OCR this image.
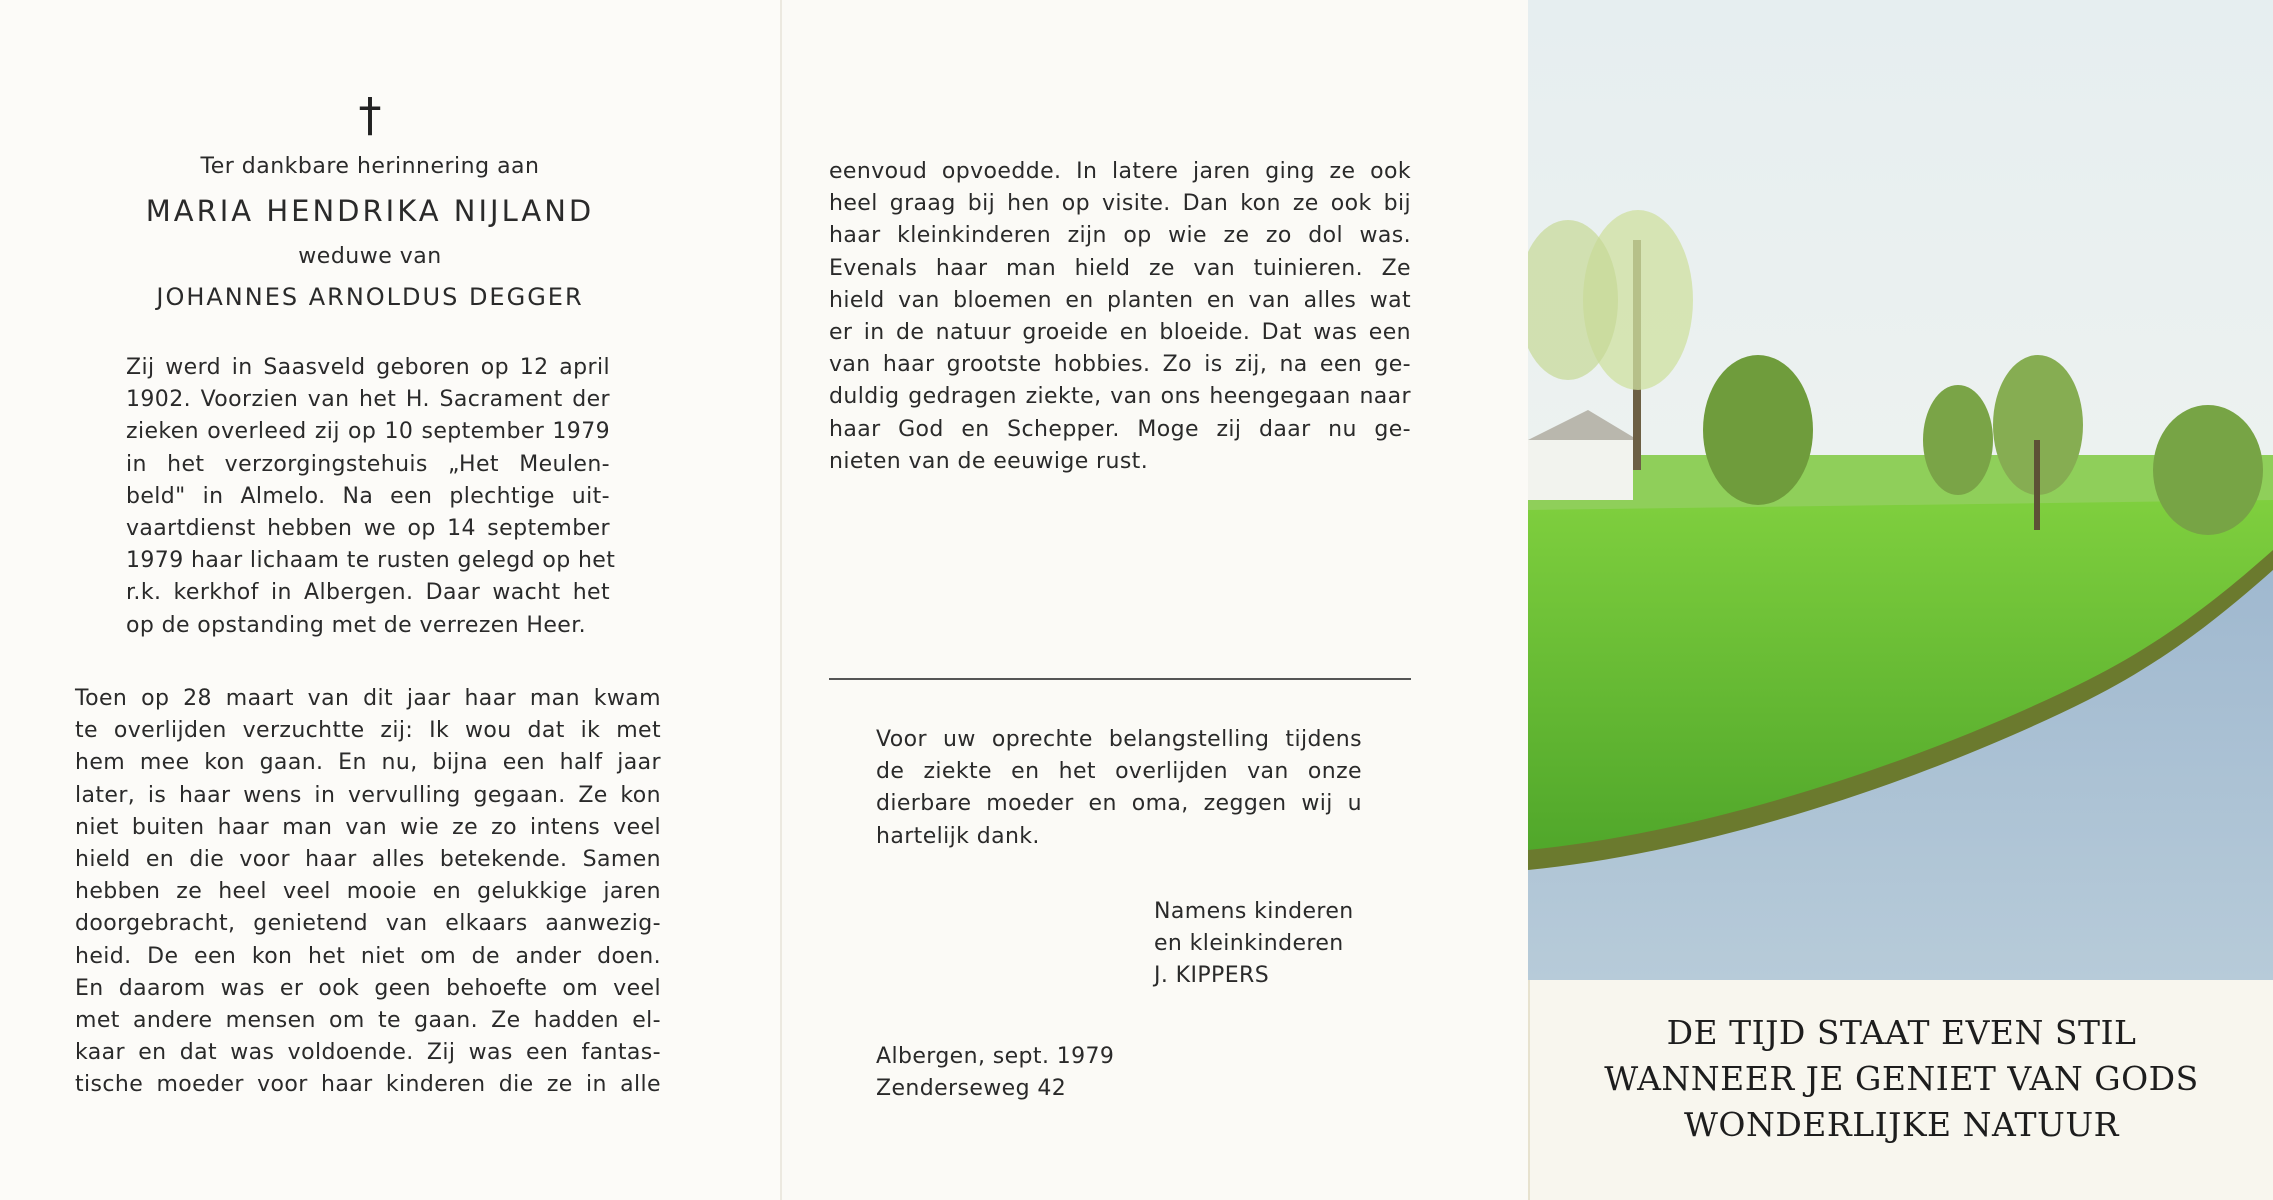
†
Ter dankbare herinnering aan
MARIA HENDRIKA NIJLAND
weduwe van
JOHANNES ARNOLDUS DEGGER
Zij werd in Saasveld geboren op 12 april
1902. Voorzien van het H. Sacrament der
zieken overleed zij op 10 september 1979
in het verzorgingstehuis „Het Meulen-
beld" in Almelo. Na een plechtige uit-
vaartdienst hebben we op 14 september
1979 haar lichaam te rusten gelegd op het
r.k. kerkhof in Albergen. Daar wacht het
op de opstanding met de verrezen Heer.
Toen op 28 maart van dit jaar haar man kwam
te overlijden verzuchtte zij: Ik wou dat ik met
hem mee kon gaan. En nu, bijna een half jaar
later, is haar wens in vervulling gegaan. Ze kon
niet buiten haar man van wie ze zo intens veel
hield en die voor haar alles betekende. Samen
hebben ze heel veel mooie en gelukkige jaren
doorgebracht, genietend van elkaars aanwezig-
heid. De een kon het niet om de ander doen.
En daarom was er ook geen behoefte om veel
met andere mensen om te gaan. Ze hadden el-
kaar en dat was voldoende. Zij was een fantas-
tische moeder voor haar kinderen die ze in alle
eenvoud opvoedde. In latere jaren ging ze ook
heel graag bij hen op visite. Dan kon ze ook bij
haar kleinkinderen zijn op wie ze zo dol was.
Evenals haar man hield ze van tuinieren. Ze
hield van bloemen en planten en van alles wat
er in de natuur groeide en bloeide. Dat was een
van haar grootste hobbies. Zo is zij, na een ge-
duldig gedragen ziekte, van ons heengegaan naar
haar God en Schepper. Moge zij daar nu ge-
nieten van de eeuwige rust.
Voor uw oprechte belangstelling tijdens
de ziekte en het overlijden van onze
dierbare moeder en oma, zeggen wij u
hartelijk dank.
Namens kinderen
en kleinkinderen
J. KIPPERS
Albergen, sept. 1979
Zenderseweg 42
DE TIJD STAAT EVEN STIL
WANNEER JE GENIET VAN GODS
WONDERLIJKE NATUUR
